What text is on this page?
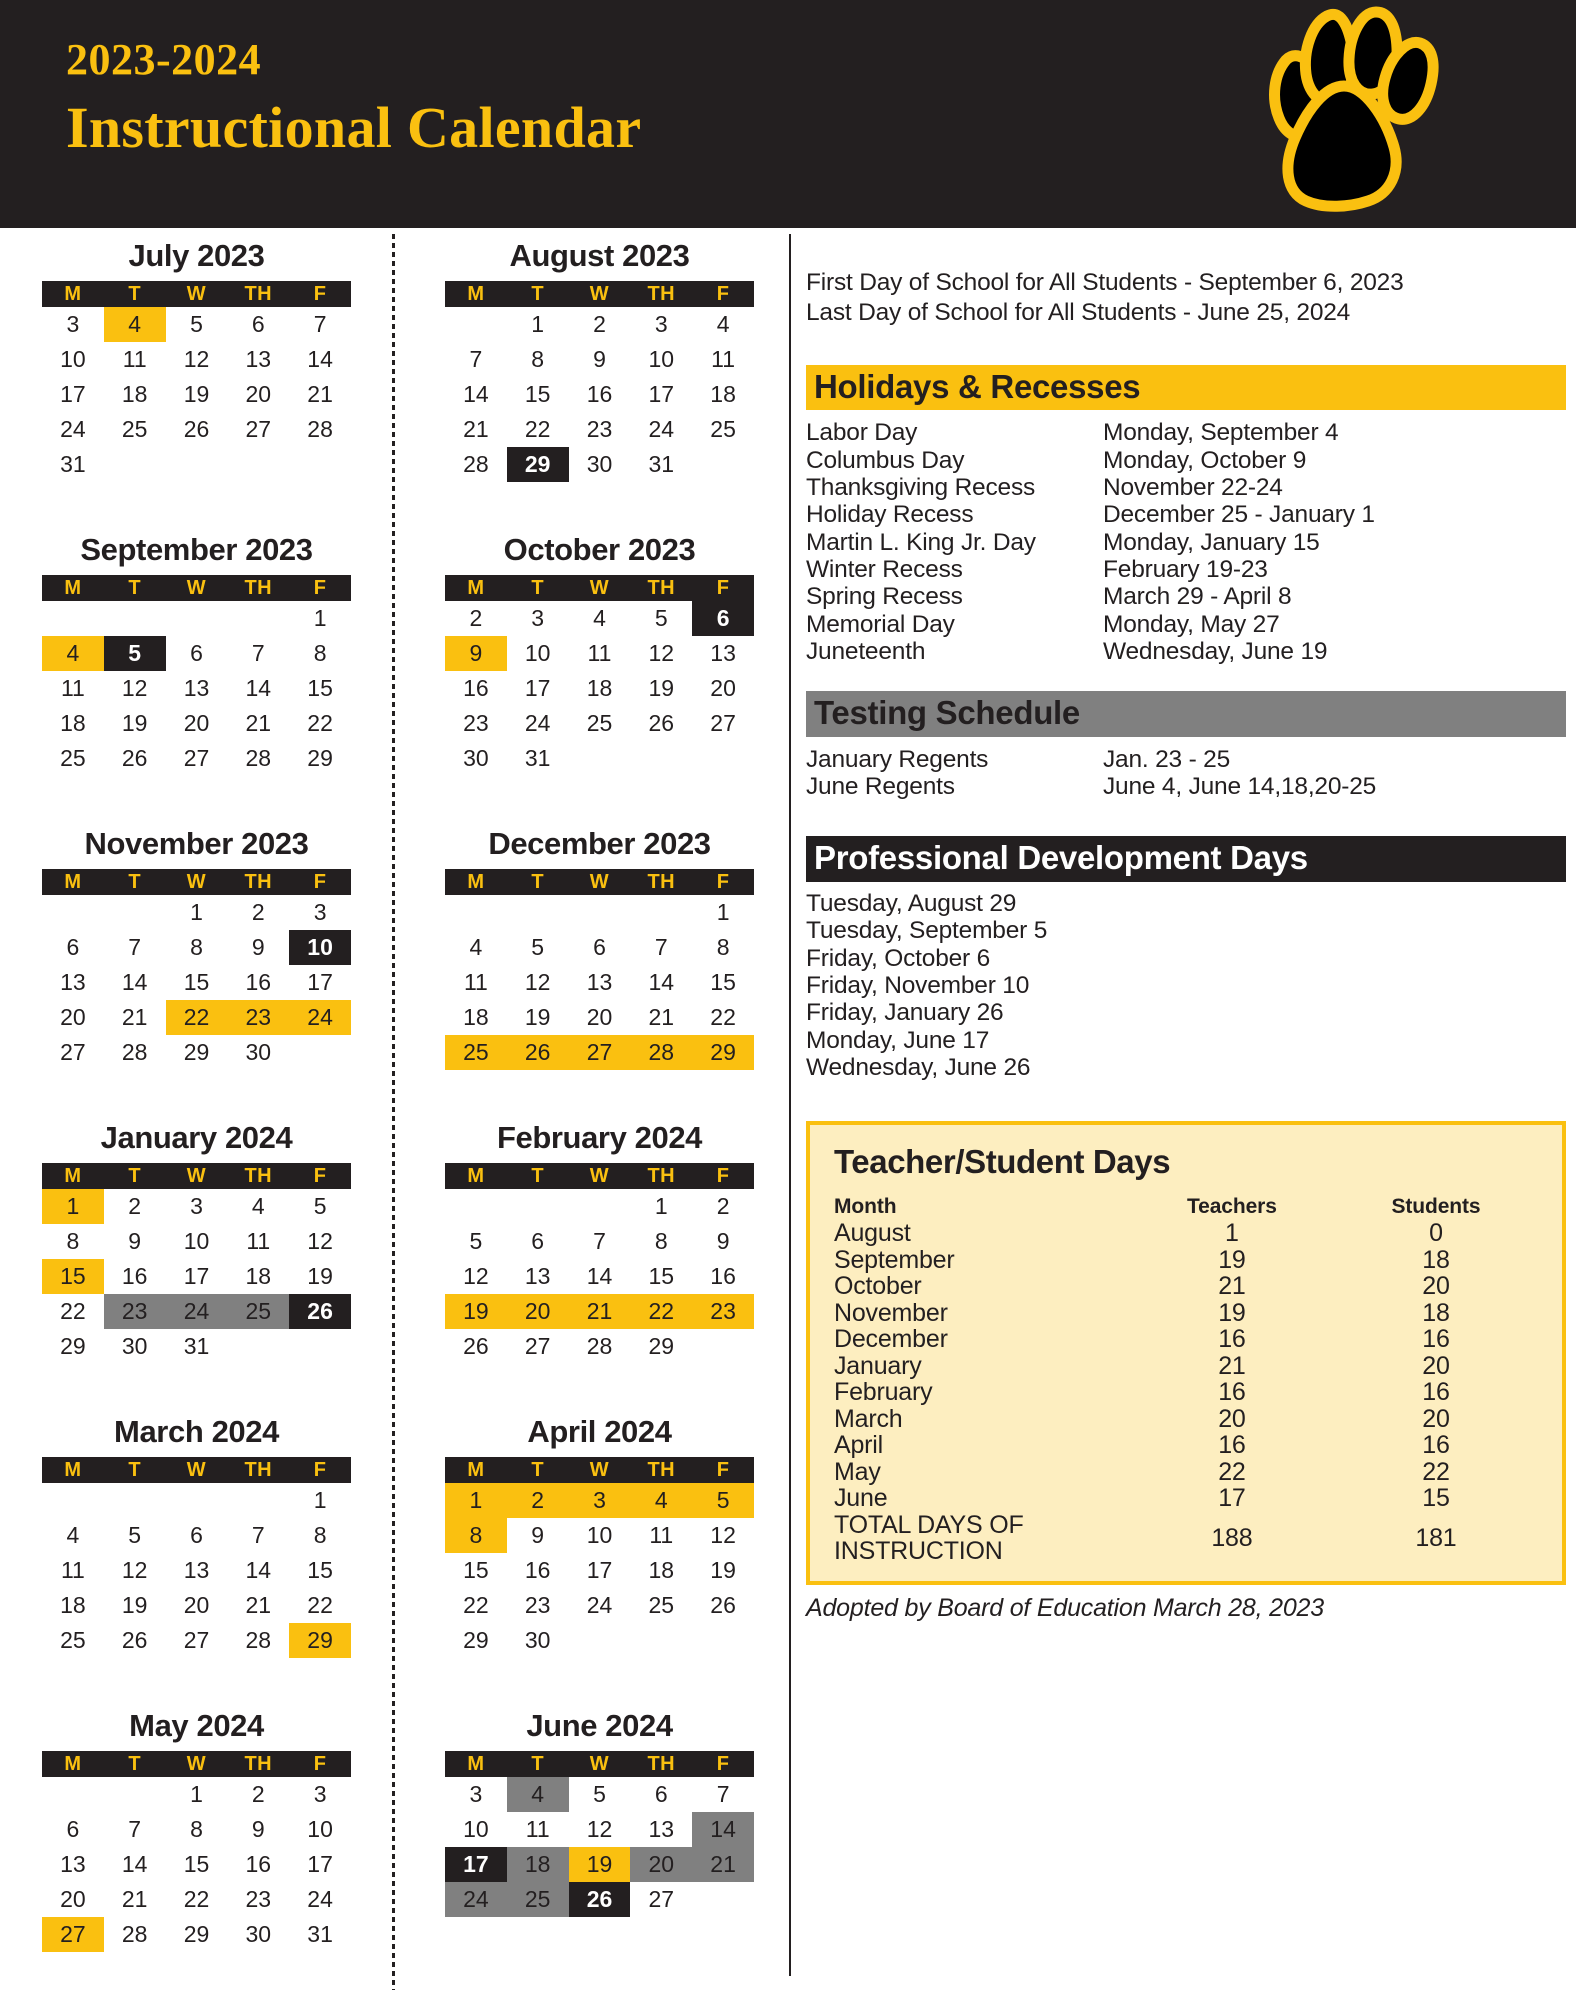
2023-2024
Instructional Calendar
July 2023
M	T	W	TH	F

3	4	5	6	7

10	11	12	13	14

17	18	19	20	21

24	25	26	27	28

31				

August 2023
M	T	W	TH	F

	1	2	3	4

7	8	9	10	11

14	15	16	17	18

21	22	23	24	25

28	29	30	31	

September 2023
M	T	W	TH	F

				1

4	5	6	7	8

11	12	13	14	15

18	19	20	21	22

25	26	27	28	29
October 2023
M	T	W	TH	F

2	3	4	5	6

9	10	11	12	13

16	17	18	19	20

23	24	25	26	27

30	31			

November 2023
M	T	W	TH	F

		1	2	3

6	7	8	9	10

13	14	15	16	17

20	21	22	23	24

27	28	29	30	

December 2023
M	T	W	TH	F

				1

4	5	6	7	8

11	12	13	14	15

18	19	20	21	22

25	26	27	28	29
January 2024
M	T	W	TH	F

1	2	3	4	5

8	9	10	11	12

15	16	17	18	19

22	23	24	25	26

29	30	31		

February 2024
M	T	W	TH	F

			1	2

5	6	7	8	9

12	13	14	15	16

19	20	21	22	23

26	27	28	29	

March 2024
M	T	W	TH	F

				1

4	5	6	7	8

11	12	13	14	15

18	19	20	21	22

25	26	27	28	29
April 2024
M	T	W	TH	F

1	2	3	4	5

8	9	10	11	12

15	16	17	18	19

22	23	24	25	26

29	30			

May 2024
M	T	W	TH	F

		1	2	3

6	7	8	9	10

13	14	15	16	17

20	21	22	23	24

27	28	29	30	31
June 2024
M	T	W	TH	F

3	4	5	6	7

10	11	12	13	14

17	18	19	20	21

24	25	26	27	

First Day of School for All Students - September 6, 2023
Last Day of School for All Students - June 25, 2024
Holidays & Recesses
Labor Day	Monday, September 4
Columbus Day	Monday, October 9
Thanksgiving Recess	November 22-24
Holiday Recess	December 25 - January 1
Martin L. King Jr. Day	Monday, January 15
Winter Recess	February 19-23
Spring Recess	March 29 - April 8
Memorial Day	Monday, May 27
Juneteenth	Wednesday, June 19
Testing Schedule
January Regents	Jan. 23 - 25
June Regents	June 4, June 14,18,20-25
Professional Development Days
Tuesday, August 29
Tuesday, September 5
Friday, October 6
Friday, November 10
Friday, January 26
Monday, June 17
Wednesday, June 26
Teacher/Student Days
Month	Teachers	Students
August	1	0
September	19	18
October	21	20
November	19	18
December	16	16
January	21	20
February	16	16
March	20	20
April	16	16
May	22	22
June	17	15
TOTAL DAYS OF
INSTRUCTION	188	181
Adopted by Board of Education March 28, 2023
